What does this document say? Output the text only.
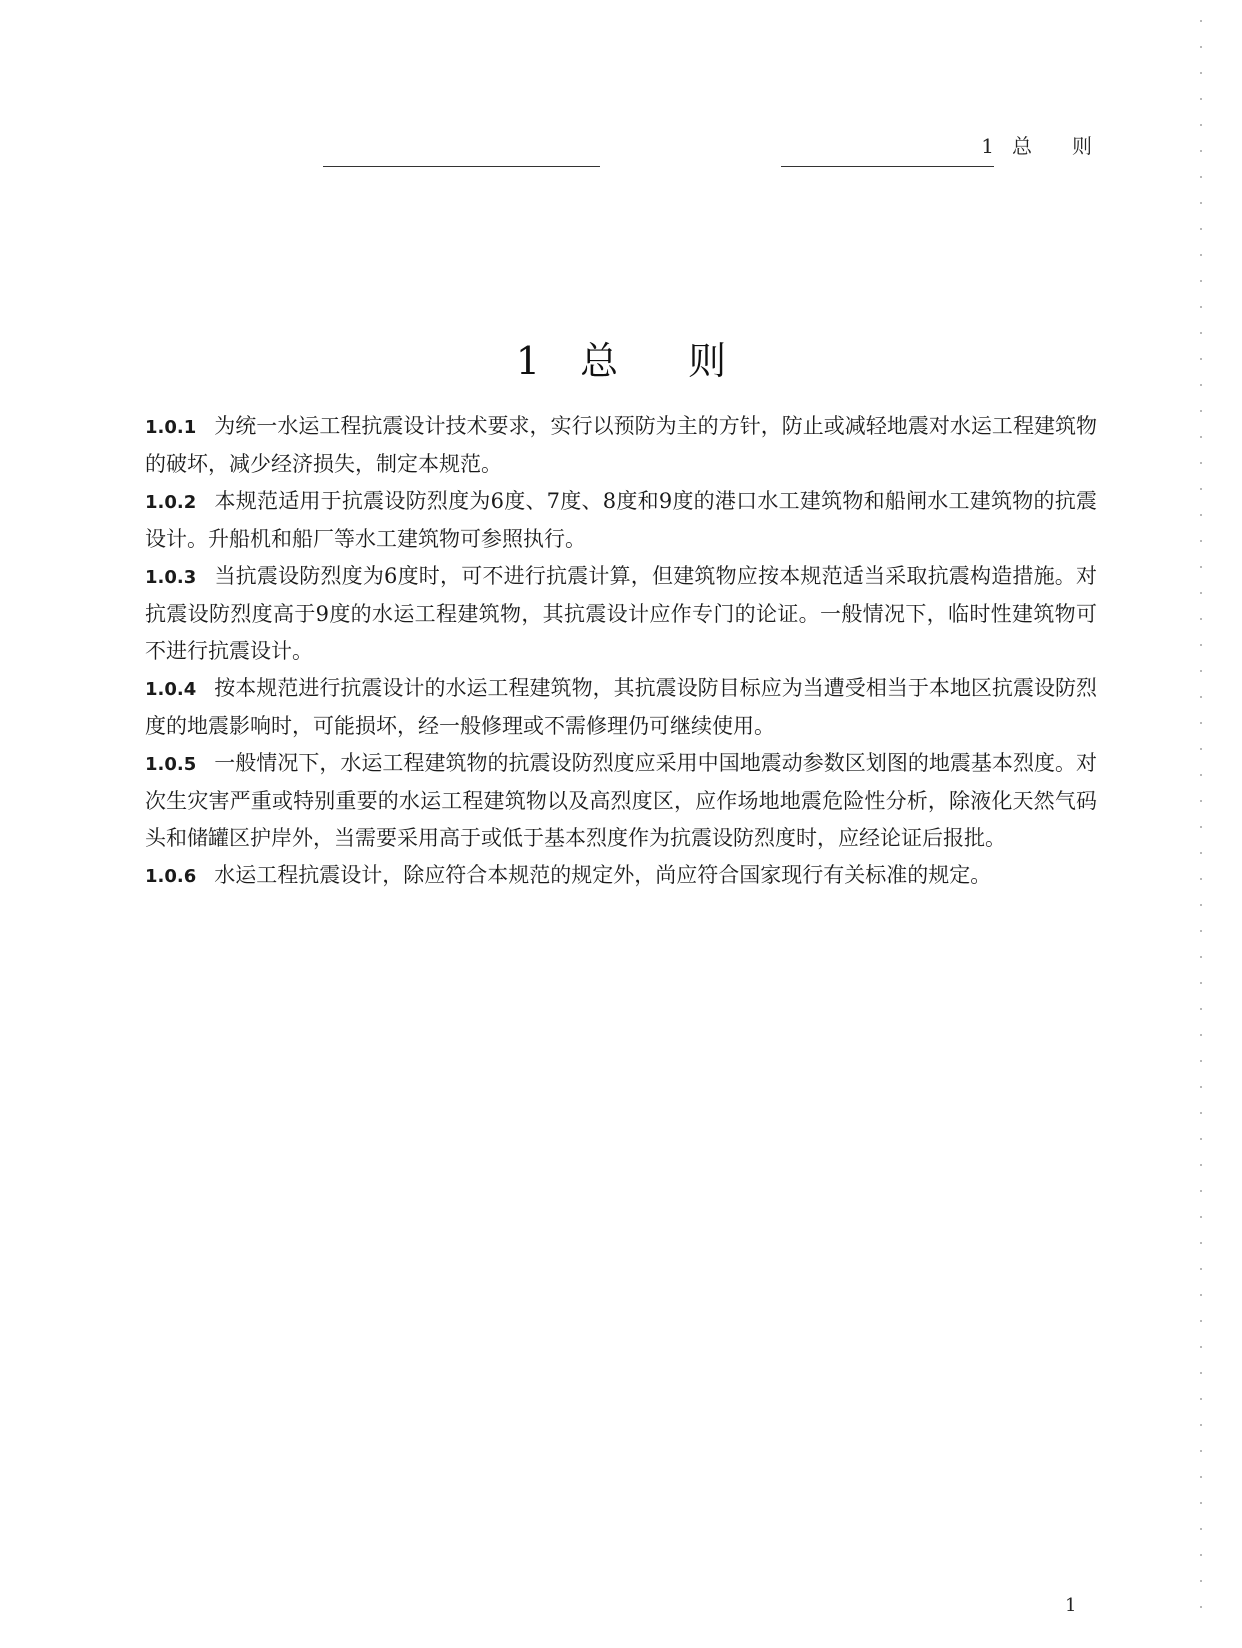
1 总 则
1 总 则

1.0.1 为统一水运工程抗震设计技术要求，实行以预防为主的方针，防止或减轻地震对水运工程建筑物的破坏，减少经济损失，制定本规范。

1.0.2 本规范适用于抗震设防烈度为6度、7度、8度和9度的港口水工建筑物和船闸水工建筑物的抗震设计。升船机和船厂等水工建筑物可参照执行。

1.0.3 当抗震设防烈度为6度时，可不进行抗震计算，但建筑物应按本规范适当采取抗震构造措施。对抗震设防烈度高于9度的水运工程建筑物，其抗震设计应作专门的论证。一般情况下，临时性建筑物可不进行抗震设计。

1.0.4 按本规范进行抗震设计的水运工程建筑物，其抗震设防目标应为当遭受相当于本地区抗震设防烈度的地震影响时，可能损坏，经一般修理或不需修理仍可继续使用。

1.0.5 一般情况下，水运工程建筑物的抗震设防烈度应采用中国地震动参数区划图的地震基本烈度。对次生灾害严重或特别重要的水运工程建筑物以及高烈度区，应作场地地震危险性分析，除液化天然气码头和储罐区护岸外，当需要采用高于或低于基本烈度作为抗震设防烈度时，应经论证后报批。

1.0.6 水运工程抗震设计，除应符合本规范的规定外，尚应符合国家现行有关标准的规定。

1
